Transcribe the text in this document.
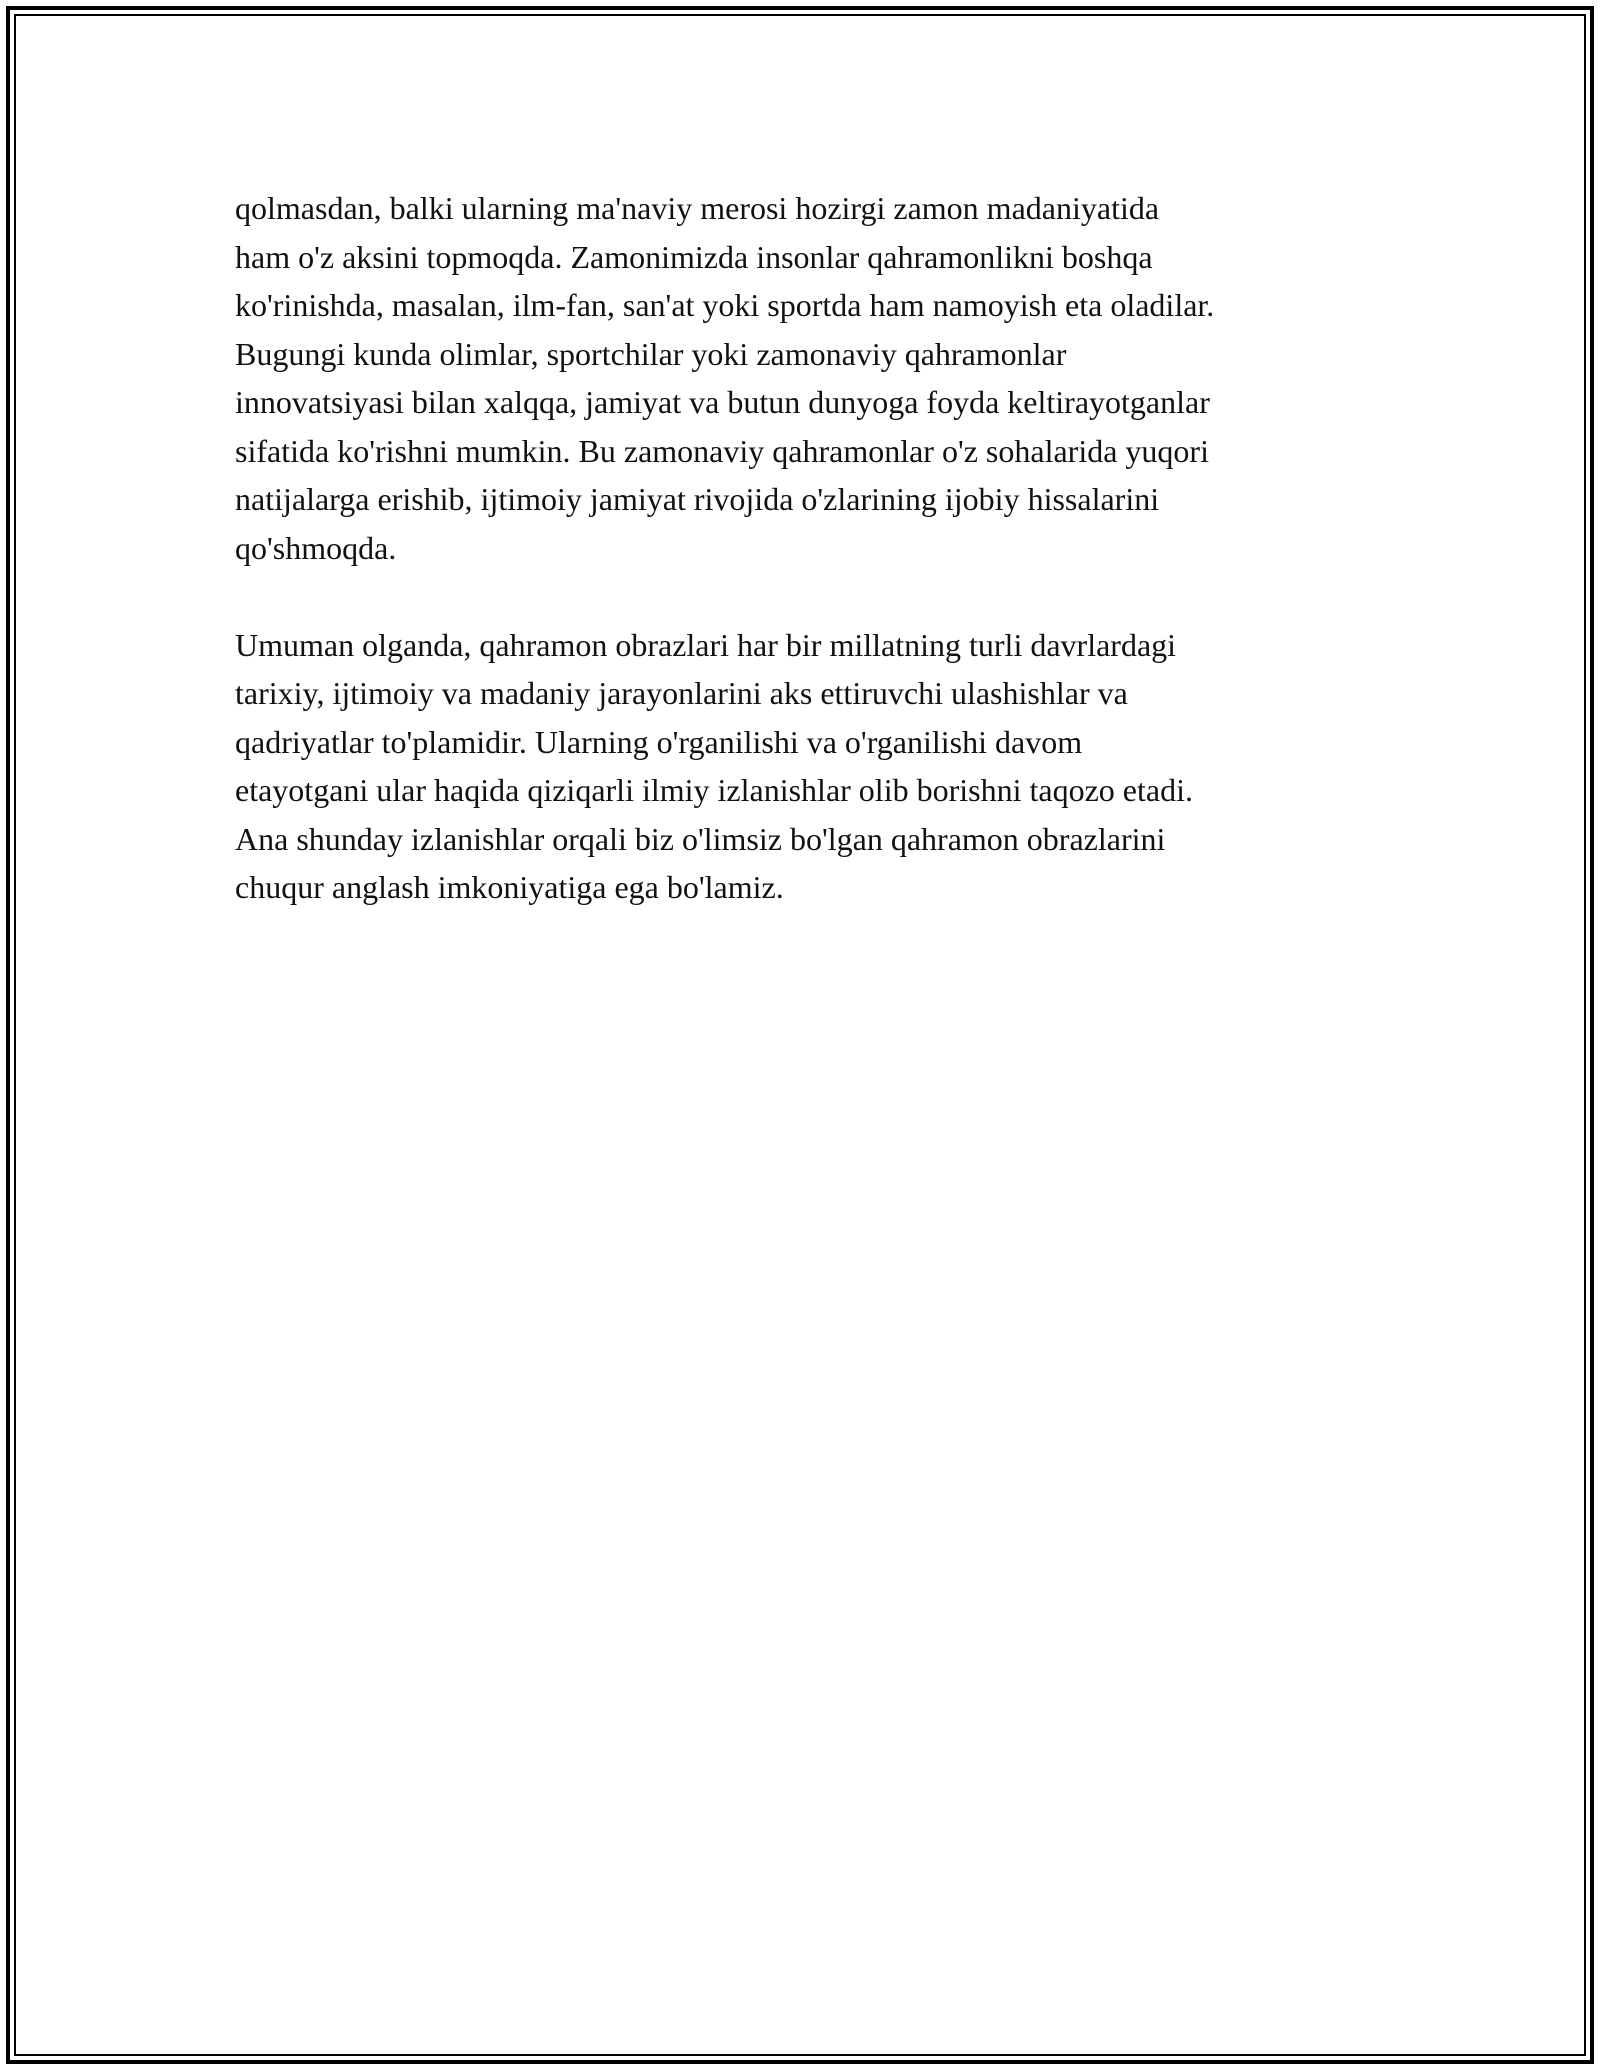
qolmasdan, balki ularning ma'naviy merosi hozirgi zamon madaniyatida
ham o'z aksini topmoqda. Zamonimizda insonlar qahramonlikni boshqa
ko'rinishda, masalan, ilm-fan, san'at yoki sportda ham namoyish eta oladilar.
Bugungi kunda olimlar, sportchilar yoki zamonaviy qahramonlar
innovatsiyasi bilan xalqqa, jamiyat va butun dunyoga foyda keltirayotganlar
sifatida ko'rishni mumkin. Bu zamonaviy qahramonlar o'z sohalarida yuqori
natijalarga erishib, ijtimoiy jamiyat rivojida o'zlarining ijobiy hissalarini
qo'shmoqda.

Umuman olganda, qahramon obrazlari har bir millatning turli davrlardagi
tarixiy, ijtimoiy va madaniy jarayonlarini aks ettiruvchi ulashishlar va
qadriyatlar to'plamidir. Ularning o'rganilishi va o'rganilishi davom
etayotgani ular haqida qiziqarli ilmiy izlanishlar olib borishni taqozo etadi.
Ana shunday izlanishlar orqali biz o'limsiz bo'lgan qahramon obrazlarini
chuqur anglash imkoniyatiga ega bo'lamiz.
